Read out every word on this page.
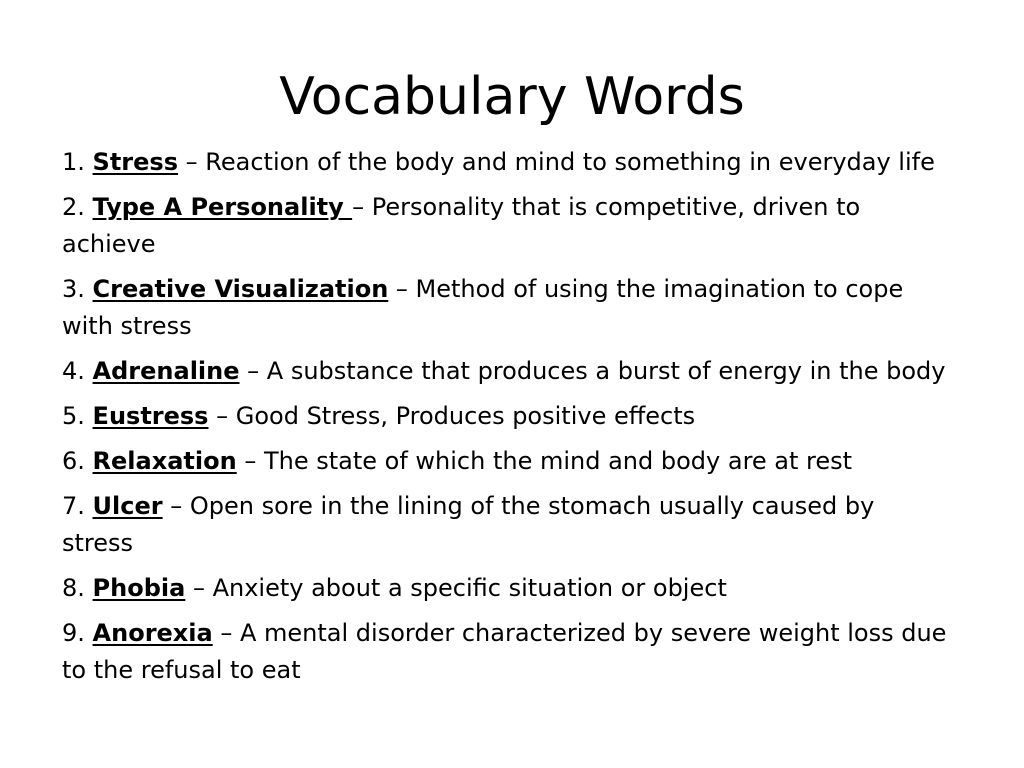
Vocabulary Words
1. Stress – Reaction of the body and mind to something in everyday life
2. Type A Personality – Personality that is competitive, driven to achieve
3. Creative Visualization – Method of using the imagination to cope with stress
4. Adrenaline – A substance that produces a burst of energy in the body
5. Eustress – Good Stress, Produces positive effects
6. Relaxation – The state of which the mind and body are at rest
7. Ulcer – Open sore in the lining of the stomach usually caused by stress
8. Phobia – Anxiety about a specific situation or object
9. Anorexia – A mental disorder characterized by severe weight loss due to the refusal to eat
